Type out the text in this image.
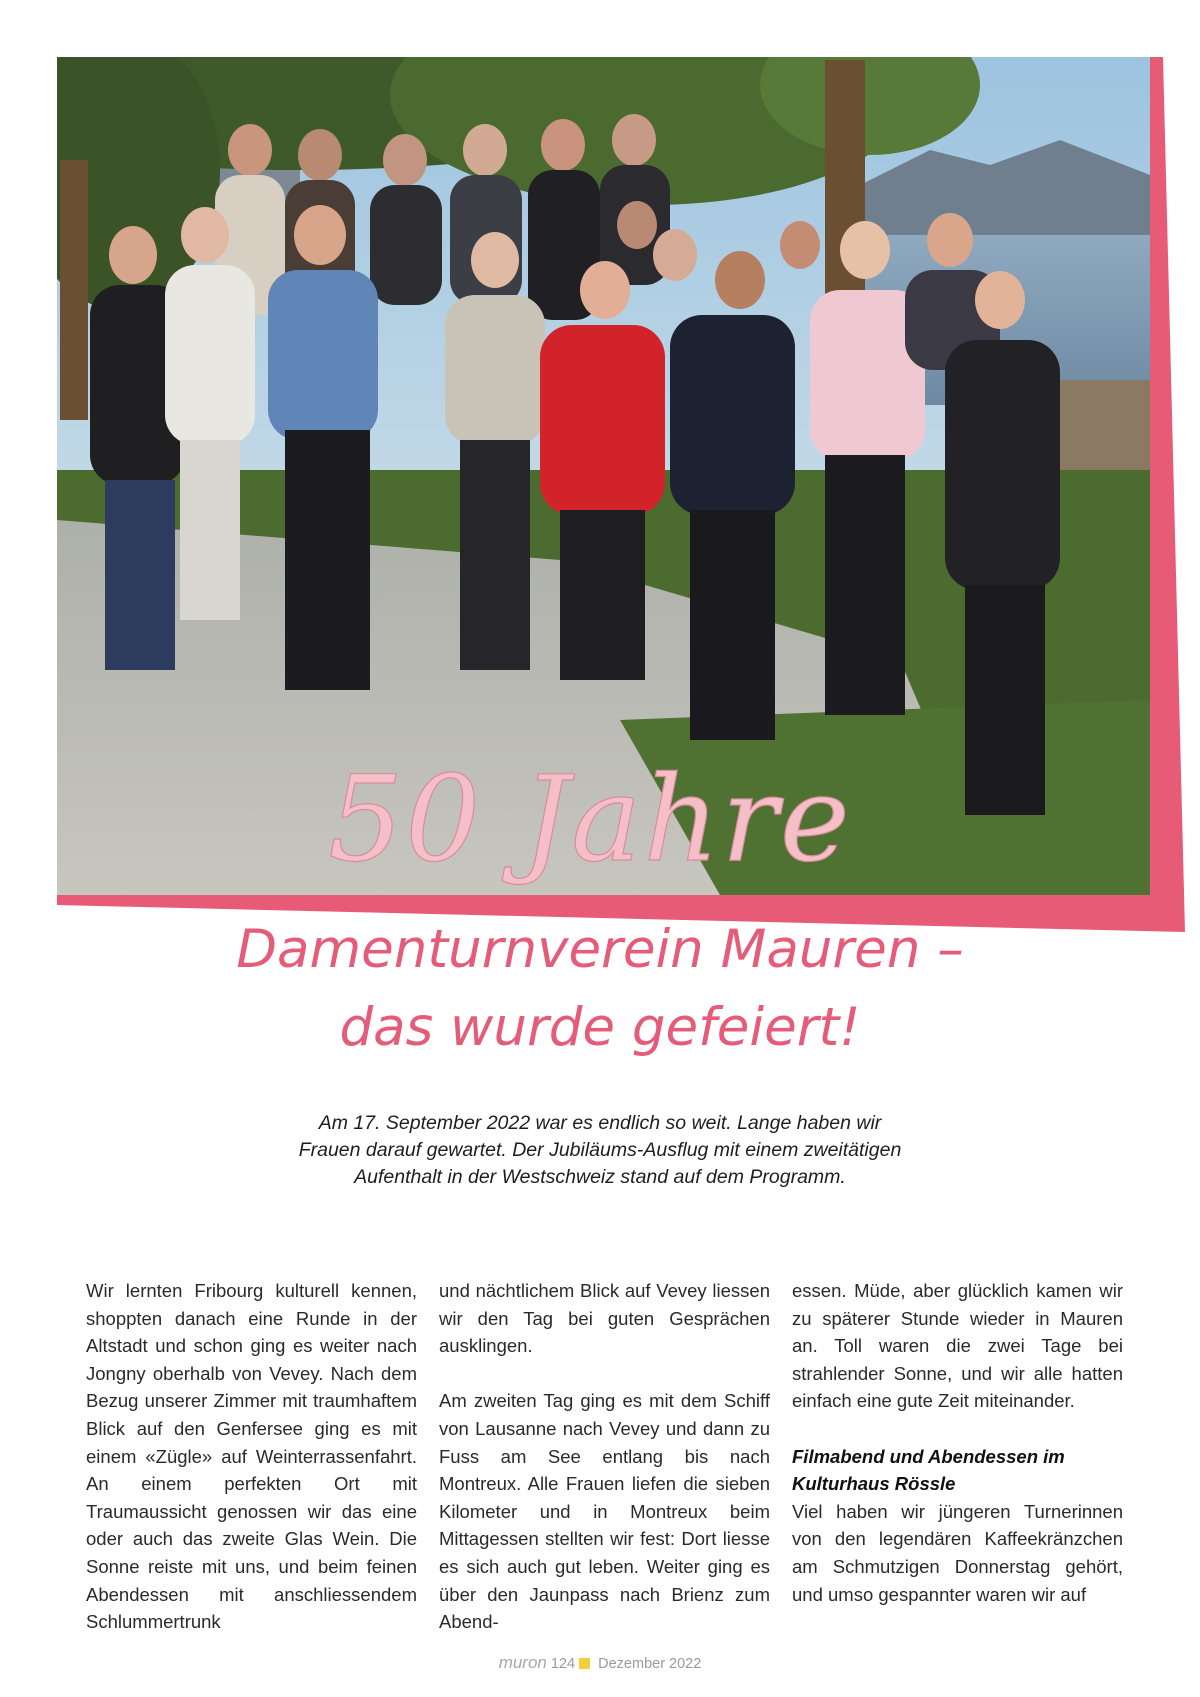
50 Jahre
Damenturnverein Mauren –
das wurde gefeiert!
Am 17. September 2022 war es endlich so weit. Lange haben wir
Frauen darauf gewartet. Der Jubiläums-Ausflug mit einem zweitätigen
Aufenthalt in der Westschweiz stand auf dem Programm.

Wir lernten Fribourg kulturell kennen, shoppten danach eine Runde in der Altstadt und schon ging es weiter nach Jongny oberhalb von Vevey. Nach dem Bezug unserer Zimmer mit traumhaftem Blick auf den Genfersee ging es mit einem «Zügle» auf Weinterrassenfahrt. An einem perfekten Ort mit Traumaussicht genossen wir das eine oder auch das zweite Glas Wein. Die Sonne reiste mit uns, und beim feinen Abendessen mit anschliessendem Schlummertrunk

und nächtlichem Blick auf Vevey liessen wir den Tag bei guten Gesprächen ausklingen.

Am zweiten Tag ging es mit dem Schiff von Lausanne nach Vevey und dann zu Fuss am See entlang bis nach Montreux. Alle Frauen liefen die sieben Kilometer und in Montreux beim Mittagessen stellten wir fest: Dort liesse es sich auch gut leben. Weiter ging es über den Jaunpass nach Brienz zum Abend-

essen. Müde, aber glücklich kamen wir zu späterer Stunde wieder in Mauren an. Toll waren die zwei Tage bei strahlender Sonne, und wir alle hatten einfach eine gute Zeit miteinander.

Filmabend und Abendessen im Kulturhaus Rössle

Viel haben wir jüngeren Turnerinnen von den legendären Kaffeekränzchen am Schmutzigen Donnerstag gehört, und umso gespannter waren wir auf

muron 124 Dezember 2022
